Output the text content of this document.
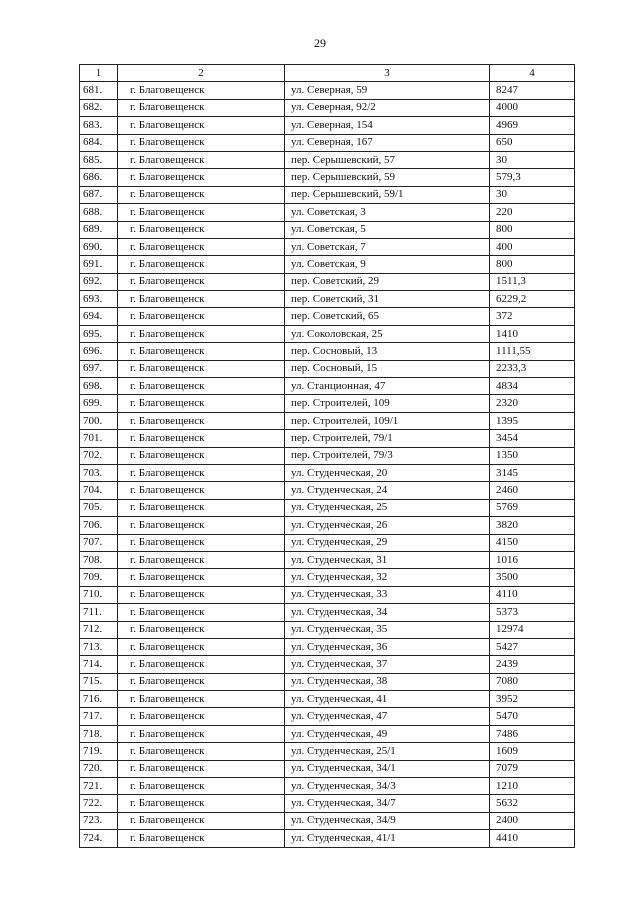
29
1	2	3	4
681.	г. Благовещенск	ул. Северная, 59	8247
682.	г. Благовещенск	ул. Северная, 92/2	4000
683.	г. Благовещенск	ул. Северная, 154	4969
684.	г. Благовещенск	ул. Северная, 167	650
685.	г. Благовещенск	пер. Серышевский, 57	30
686.	г. Благовещенск	пер. Серышевский, 59	579,3
687.	г. Благовещенск	пер. Серышевский, 59/1	30
688.	г. Благовещенск	ул. Советская, 3	220
689.	г. Благовещенск	ул. Советская, 5	800
690.	г. Благовещенск	ул. Советская, 7	400
691.	г. Благовещенск	ул. Советская, 9	800
692.	г. Благовещенск	пер. Советский, 29	1511,3
693.	г. Благовещенск	пер. Советский, 31	6229,2
694.	г. Благовещенск	пер. Советский, 65	372
695.	г. Благовещенск	ул. Соколовская, 25	1410
696.	г. Благовещенск	пер. Сосновый, 13	1111,55
697.	г. Благовещенск	пер. Сосновый, 15	2233,3
698.	г. Благовещенск	ул. Станционная, 47	4834
699.	г. Благовещенск	пер. Строителей, 109	2320
700.	г. Благовещенск	пер. Строителей, 109/1	1395
701.	г. Благовещенск	пер. Строителей, 79/1	3454
702.	г. Благовещенск	пер. Строителей, 79/3	1350
703.	г. Благовещенск	ул. Студенческая, 20	3145
704.	г. Благовещенск	ул. Студенческая, 24	2460
705.	г. Благовещенск	ул. Студенческая, 25	5769
706.	г. Благовещенск	ул. Студенческая, 26	3820
707.	г. Благовещенск	ул. Студенческая, 29	4150
708.	г. Благовещенск	ул. Студенческая, 31	1016
709.	г. Благовещенск	ул. Студенческая, 32	3500
710.	г. Благовещенск	ул. Студенческая, 33	4110
711.	г. Благовещенск	ул. Студенческая, 34	5373
712.	г. Благовещенск	ул. Студенческая, 35	12974
713.	г. Благовещенск	ул. Студенческая, 36	5427
714.	г. Благовещенск	ул. Студенческая, 37	2439
715.	г. Благовещенск	ул. Студенческая, 38	7080
716.	г. Благовещенск	ул. Студенческая, 41	3952
717.	г. Благовещенск	ул. Студенческая, 47	5470
718.	г. Благовещенск	ул. Студенческая, 49	7486
719.	г. Благовещенск	ул. Студенческая, 25/1	1609
720.	г. Благовещенск	ул. Студенческая, 34/1	7079
721.	г. Благовещенск	ул. Студенческая, 34/3	1210
722.	г. Благовещенск	ул. Студенческая, 34/7	5632
723.	г. Благовещенск	ул. Студенческая, 34/9	2400
724.	г. Благовещенск	ул. Студенческая, 41/1	4410
